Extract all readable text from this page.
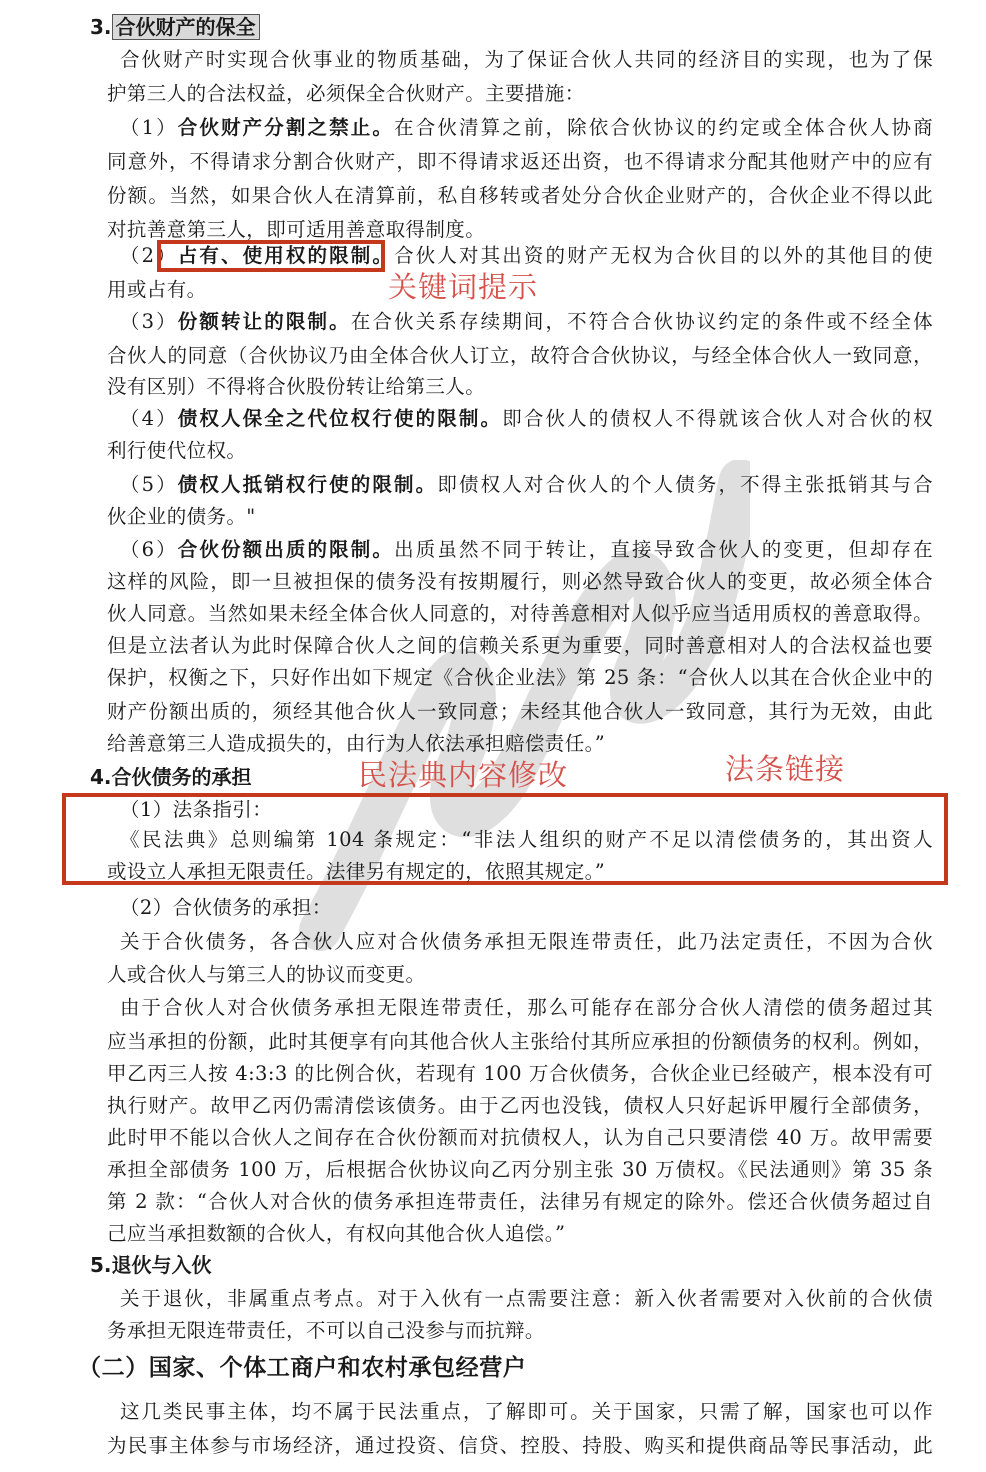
3. 合伙财产的保全
合伙财产时实现合伙事业的物质基础，为了保证合伙人共同的经济目的实现，也为了保
护第三人的合法权益，必须保全合伙财产。主要措施：
（1）合伙财产分割之禁止。在合伙清算之前，除依合伙协议的约定或全体合伙人协商
同意外，不得请求分割合伙财产，即不得请求返还出资，也不得请求分配其他财产中的应有
份额。当然，如果合伙人在清算前，私自移转或者处分合伙企业财产的，合伙企业不得以此
对抗善意第三人，即可适用善意取得制度。
（2）占有、使用权的限制。合伙人对其出资的财产无权为合伙目的以外的其他目的使
用或占有。	关键词提示
（3）份额转让的限制。在合伙关系存续期间，不符合合伙协议约定的条件或不经全体
合伙人的同意（合伙协议乃由全体合伙人订立，故符合合伙协议，与经全体合伙人一致同意，
没有区别）不得将合伙股份转让给第三人。
（4）债权人保全之代位权行使的限制。即合伙人的债权人不得就该合伙人对合伙的权
利行使代位权。
（5）债权人抵销权行使的限制。即债权人对合伙人的个人债务，不得主张抵销其与合
伙企业的债务。"
（6）合伙份额出质的限制。出质虽然不同于转让，直接导致合伙人的变更，但却存在
这样的风险，即一旦被担保的债务没有按期履行，则必然导致合伙人的变更，故必须全体合
伙人同意。当然如果未经全体合伙人同意的，对待善意相对人似乎应当适用质权的善意取得。
但是立法者认为此时保障合伙人之间的信赖关系更为重要，同时善意相对人的合法权益也要
保护，权衡之下，只好作出如下规定《合伙企业法》第 25 条：“合伙人以其在合伙企业中的
财产份额出质的，须经其他合伙人一致同意；未经其他合伙人一致同意，其行为无效，由此
给善意第三人造成损失的，由行为人依法承担赔偿责任。”
4.合伙债务的承担	民法典内容修改	法条链接
（1）法条指引：
《民法典》总则编第 104 条规定：“非法人组织的财产不足以清偿债务的，其出资人
或设立人承担无限责任。法律另有规定的，依照其规定。”
（2）合伙债务的承担：
关于合伙债务，各合伙人应对合伙债务承担无限连带责任，此乃法定责任，不因为合伙
人或合伙人与第三人的协议而变更。
由于合伙人对合伙债务承担无限连带责任，那么可能存在部分合伙人清偿的债务超过其
应当承担的份额，此时其便享有向其他合伙人主张给付其所应承担的份额债务的权利。例如，
甲乙丙三人按 4:3:3 的比例合伙，若现有 100 万合伙债务，合伙企业已经破产，根本没有可
执行财产。故甲乙丙仍需清偿该债务。由于乙丙也没钱，债权人只好起诉甲履行全部债务，
此时甲不能以合伙人之间存在合伙份额而对抗债权人，认为自己只要清偿 40 万。故甲需要
承担全部债务 100 万，后根据合伙协议向乙丙分别主张 30 万债权。《民法通则》第 35 条
第 2 款：“合伙人对合伙的债务承担连带责任，法律另有规定的除外。偿还合伙债务超过自
己应当承担数额的合伙人，有权向其他合伙人追偿。”
5.退伙与入伙
关于退伙，非属重点考点。对于入伙有一点需要注意：新入伙者需要对入伙前的合伙债
务承担无限连带责任，不可以自己没参与而抗辩。
（二）国家、个体工商户和农村承包经营户
这几类民事主体，均不属于民法重点，了解即可。关于国家，只需了解，国家也可以作
为民事主体参与市场经济，通过投资、信贷、控股、持股、购买和提供商品等民事活动，此
